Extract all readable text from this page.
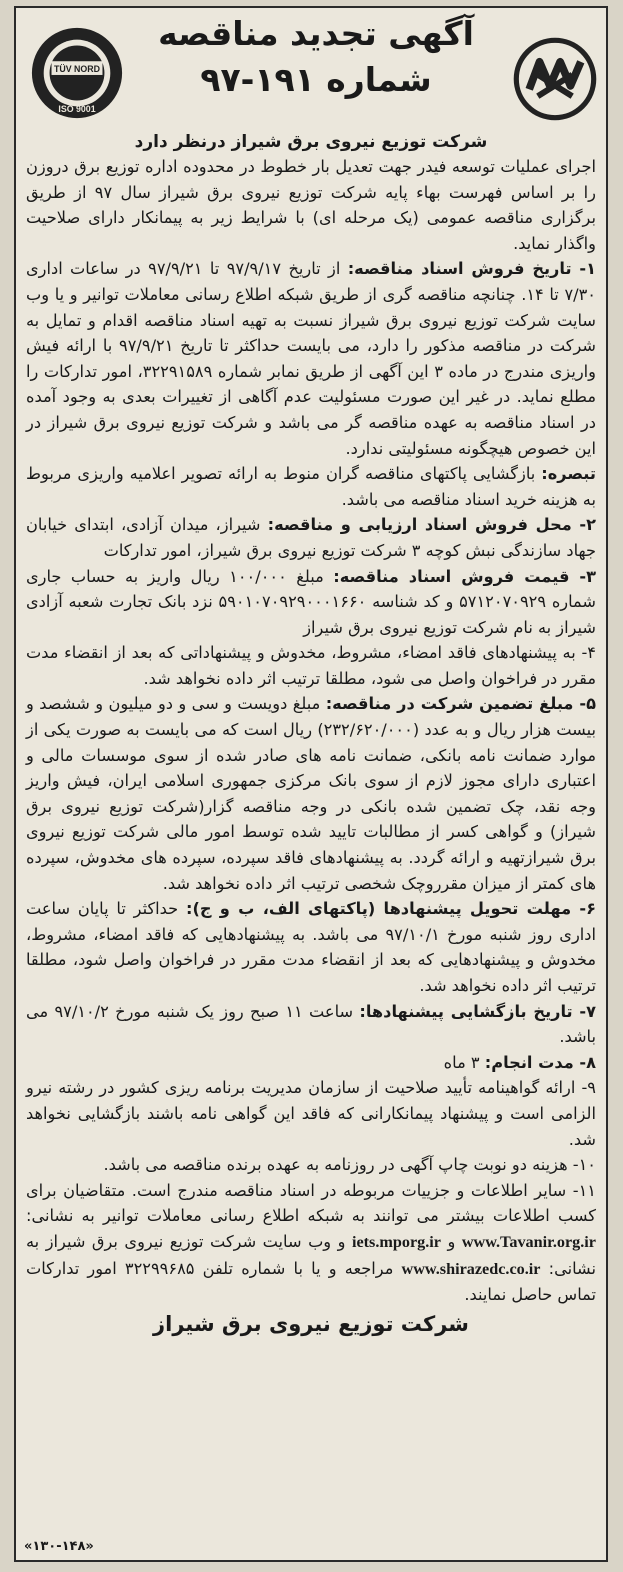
TÜV NORD
ISO 9001
آگهی تجدید مناقصه
شماره ۱۹۱-۹۷
شرکت توزیع نیروی برق شیراز درنظر دارد

اجرای عملیات توسعه فیدر جهت تعدیل بار خطوط در محدوده اداره توزیع برق دروزن را بر اساس فهرست بهاء پایه شرکت توزیع نیروی برق شیراز سال ۹۷ از طریق برگزاری مناقصه عمومی (یک مرحله ای) با شرایط زیر به پیمانکار دارای صلاحیت واگذار نماید.

۱- تاریخ فروش اسناد مناقصه: از تاریخ ۹۷/۹/۱۷ تا ۹۷/۹/۲۱ در ساعات اداری ۷/۳۰ تا ۱۴. چنانچه مناقصه گری از طریق شبکه اطلاع رسانی معاملات توانیر و یا وب سایت شرکت توزیع نیروی برق شیراز نسبت به تهیه اسناد مناقصه اقدام و تمایل به شرکت در مناقصه مذکور را دارد، می بایست حداکثر تا تاریخ ۹۷/۹/۲۱ با ارائه فیش واریزی مندرج در ماده ۳ این آگهی از طریق نمابر شماره ۳۲۲۹۱۵۸۹، امور تدارکات را مطلع نماید. در غیر این صورت مسئولیت عدم آگاهی از تغییرات بعدی به وجود آمده در اسناد مناقصه به عهده مناقصه گر می باشد و شرکت توزیع نیروی برق شیراز در این خصوص هیچگونه مسئولیتی ندارد.

تبصره: بازگشایی پاکتهای مناقصه گران منوط به ارائه تصویر اعلامیه واریزی مربوط به هزینه خرید اسناد مناقصه می باشد.

۲- محل فروش اسناد ارزیابی و مناقصه: شیراز، میدان آزادی، ابتدای خیابان جهاد سازندگی نبش کوچه ۳ شرکت توزیع نیروی برق شیراز، امور تدارکات

۳- قیمت فروش اسناد مناقصه: مبلغ ۱۰۰/۰۰۰ ریال واریز به حساب جاری شماره ۵۷۱۲۰۷۰۹۲۹ و کد شناسه ۵۹۰۱۰۷۰۹۲۹۰۰۰۱۶۶۰ نزد بانک تجارت شعبه آزادی شیراز به نام شرکت توزیع نیروی برق شیراز

۴- به پیشنهادهای فاقد امضاء، مشروط، مخدوش و پیشنهاداتی که بعد از انقضاء مدت مقرر در فراخوان واصل می شود، مطلقا ترتیب اثر داده نخواهد شد.

۵- مبلغ تضمین شرکت در مناقصه: مبلغ دویست و سی و دو میلیون و ششصد و بیست هزار ریال و به عدد (۲۳۲/۶۲۰/۰۰۰) ریال است که می بایست به صورت یکی از موارد ضمانت نامه بانکی، ضمانت نامه های صادر شده از سوی موسسات مالی و اعتباری دارای مجوز لازم از سوی بانک مرکزی جمهوری اسلامی ایران، فیش واریز وجه نقد، چک تضمین شده بانکی در وجه مناقصه گزار(شرکت توزیع نیروی برق شیراز) و گواهی کسر از مطالبات تایید شده توسط امور مالی شرکت توزیع نیروی برق شیرازتهیه و ارائه گردد. به پیشنهادهای فاقد سپرده، سپرده های مخدوش، سپرده های کمتر از میزان مقرروچک شخصی ترتیب اثر داده نخواهد شد.

۶- مهلت تحویل پیشنهادها (پاکتهای الف، ب و ج): حداکثر تا پایان ساعت اداری روز شنبه مورخ ۹۷/۱۰/۱ می باشد. به پیشنهادهایی که فاقد امضاء، مشروط، مخدوش و پیشنهادهایی که بعد از انقضاء مدت مقرر در فراخوان واصل شود، مطلقا ترتیب اثر داده نخواهد شد.

۷- تاریخ بازگشایی پیشنهادها: ساعت ۱۱ صبح روز یک شنبه مورخ ۹۷/۱۰/۲ می باشد.

۸- مدت انجام: ۳ ماه

۹- ارائه گواهینامه تأیید صلاحیت از سازمان مدیریت برنامه ریزی کشور در رشته نیرو الزامی است و پیشنهاد پیمانکارانی که فاقد این گواهی نامه باشند بازگشایی نخواهد شد.

۱۰- هزینه دو نوبت چاپ آگهی در روزنامه به عهده برنده مناقصه می باشد.

۱۱- سایر اطلاعات و جزییات مربوطه در اسناد مناقصه مندرج است. متقاضیان برای کسب اطلاعات بیشتر می توانند به شبکه اطلاع رسانی معاملات توانیر به نشانی: www.Tavanir.org.ir و iets.mporg.ir و وب سایت شرکت توزیع نیروی برق شیراز به نشانی: www.shirazedc.co.ir مراجعه و یا با شماره تلفن ۳۲۲۹۹۶۸۵ امور تدارکات تماس حاصل نمایند.

شرکت توزیع نیروی برق شیراز
«۱۳۰-۱۴۸»
